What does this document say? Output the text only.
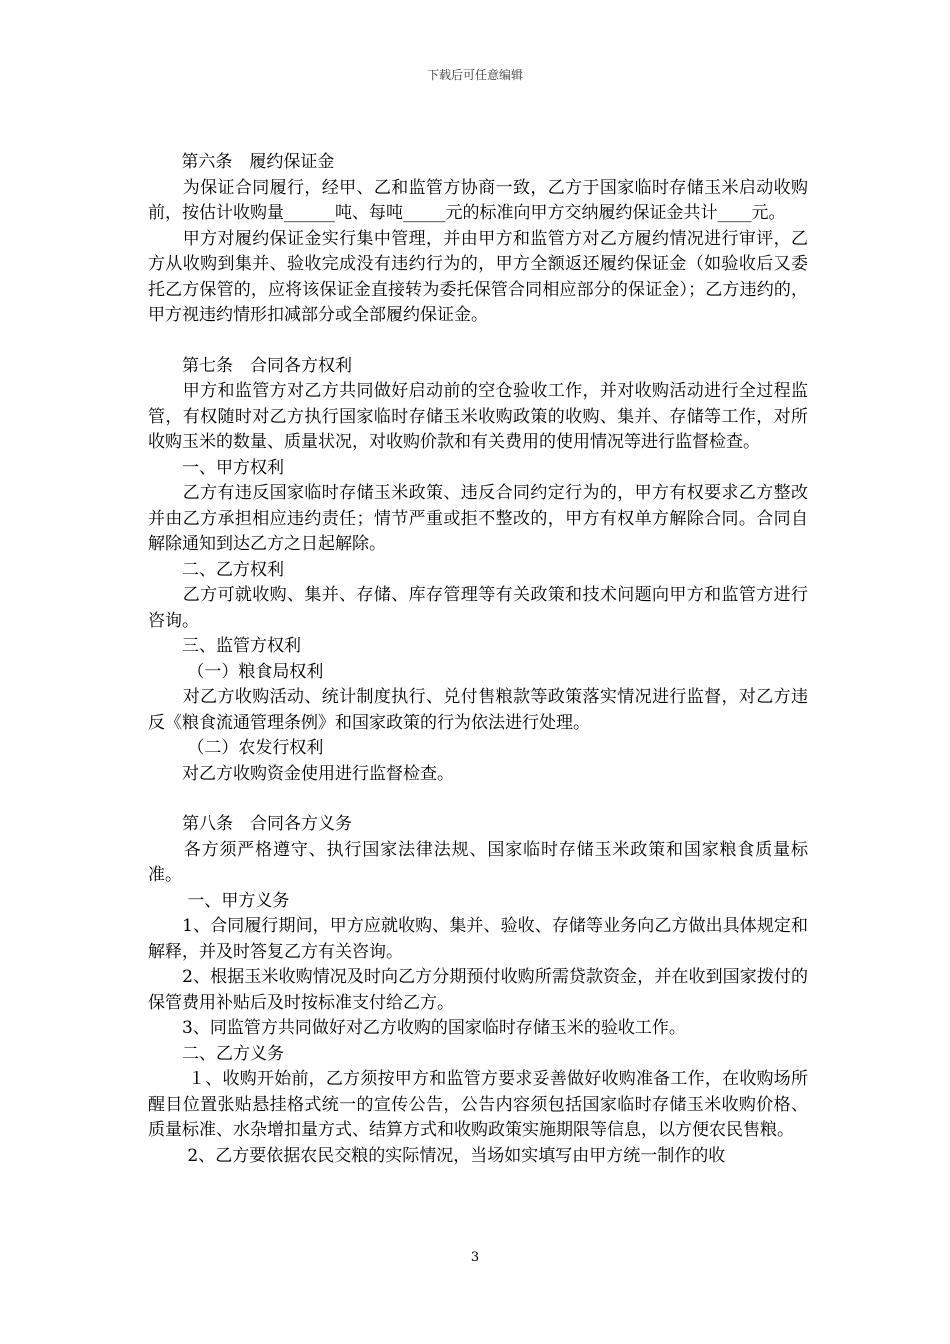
下载后可任意编辑

第六条　履约保证金

　　为保证合同履行，经甲、乙和监管方协商一致，乙方于国家临时存储玉米启动收购前，按估计收购量______吨、每吨_____元的标准向甲方交纳履约保证金共计____元。

　　甲方对履约保证金实行集中管理，并由甲方和监管方对乙方履约情况进行审评，乙方从收购到集并、验收完成没有违约行为的，甲方全额返还履约保证金（如验收后又委托乙方保管的，应将该保证金直接转为委托保管合同相应部分的保证金）；乙方违约的，甲方视违约情形扣减部分或全部履约保证金。

第七条　合同各方权利

　　甲方和监管方对乙方共同做好启动前的空仓验收工作，并对收购活动进行全过程监管，有权随时对乙方执行国家临时存储玉米收购政策的收购、集并、存储等工作，对所收购玉米的数量、质量状况，对收购价款和有关费用的使用情况等进行监督检查。

一、甲方权利

　　乙方有违反国家临时存储玉米政策、违反合同约定行为的，甲方有权要求乙方整改并由乙方承担相应违约责任；情节严重或拒不整改的，甲方有权单方解除合同。合同自解除通知到达乙方之日起解除。

二、乙方权利

　　乙方可就收购、集并、存储、库存管理等有关政策和技术问题向甲方和监管方进行咨询。

三、监管方权利

（一）粮食局权利

　　对乙方收购活动、统计制度执行、兑付售粮款等政策落实情况进行监督，对乙方违反《粮食流通管理条例》和国家政策的行为依法进行处理。

（二）农发行权利

对乙方收购资金使用进行监督检查。

第八条　合同各方义务

　　各方须严格遵守、执行国家法律法规、国家临时存储玉米政策和国家粮食质量标准。

一、甲方义务

　　1、合同履行期间，甲方应就收购、集并、验收、存储等业务向乙方做出具体规定和解释，并及时答复乙方有关咨询。

　　2、根据玉米收购情况及时向乙方分期预付收购所需贷款资金，并在收到国家拨付的保管费用补贴后及时按标准支付给乙方。

3、同监管方共同做好对乙方收购的国家临时存储玉米的验收工作。

二、乙方义务

　　 １、收购开始前，乙方须按甲方和监管方要求妥善做好收购准备工作，在收购场所醒目位置张贴悬挂格式统一的宣传公告，公告内容须包括国家临时存储玉米收购价格、质量标准、水杂增扣量方式、结算方式和收购政策实施期限等信息，以方便农民售粮。

2、乙方要依据农民交粮的实际情况，当场如实填写由甲方统一制作的收

3
